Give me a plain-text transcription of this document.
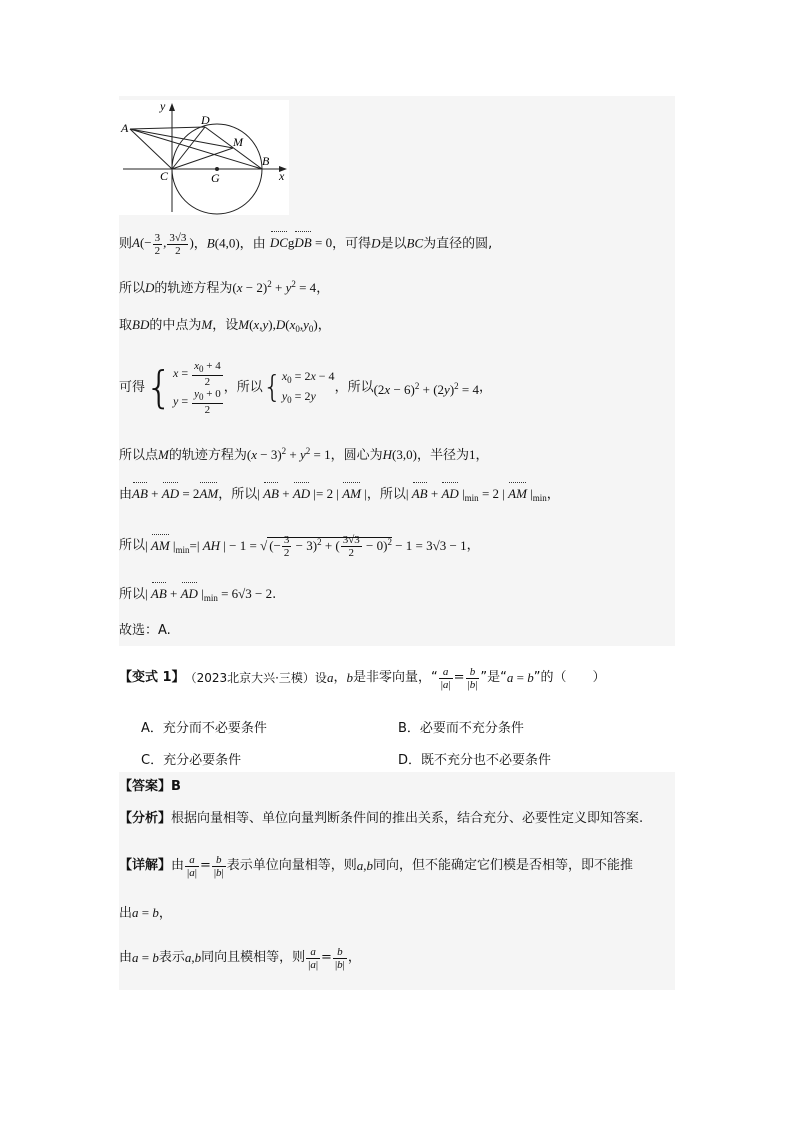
y
x
A
D
M
B
C	G
则$A(- \frac{3}{2}$ , $\frac{3√3}{2}$ )，B(4,0)，由 DCgDB = 0，可得D是以BC为直径的圆,
所以D的轨迹方程为$(x - 2)^2 + y^2 = 4$，
取BD的中点为M，设$M(x,y),D(x_0,y_0)$，
可得 { $x = \frac{x_0 + 4}{2}$
$y = \frac{y_0 + 0}{2}$
，所以 { $x_0 = 2x - 4$
$y_0 = 2y$
，所以 $(2x - 6)^2 + (2y)^2 = 4$ ，
所以点M的轨迹方程为$(x - 3)^2 + y^2 = 1$，圆心为H(3,0)，半径为1，
由AB + AD = 2AM，所以| AB + AD |= 2 | AM |，所以| AB + AD $|_{min} = 2$ | AM $|_{min}$，
所以 | AM $|_{min}=|$ AH | − 1 = √ (− $\frac{3}{2} - 3)^2$ + ( $\frac{3√3}{2} - 0)^2 - 1 = 3√3 - 1$ ，
所以| AB + AD $|_{min} = 6√3 - 2$.
故选：A.
【变式 1】 （2023北京大兴·三模）设 a ， b 是非零向量，“ $\frac{a}{|a|} = \frac{b}{|b|}$ ”是“ a = b ”的（　　）
A．充分而不必要条件	B．必要而不充分条件
C．充分必要条件	D．既不充分也不必要条件
【答案】B
【分析】根据向量相等、单位向量判断条件间的推出关系，结合充分、必要性定义即知答案.
【详解】 由 $\frac{a}{|a|} = \frac{b}{|b|}$ 表示单位向量相等，则 a,b 同向，但不能确定它们模是否相等，即不能推
出a = b，
由 a = b 表示 a,b 同向且模相等，则 $\frac{a}{|a|} = \frac{b}{|b|}$ ，
